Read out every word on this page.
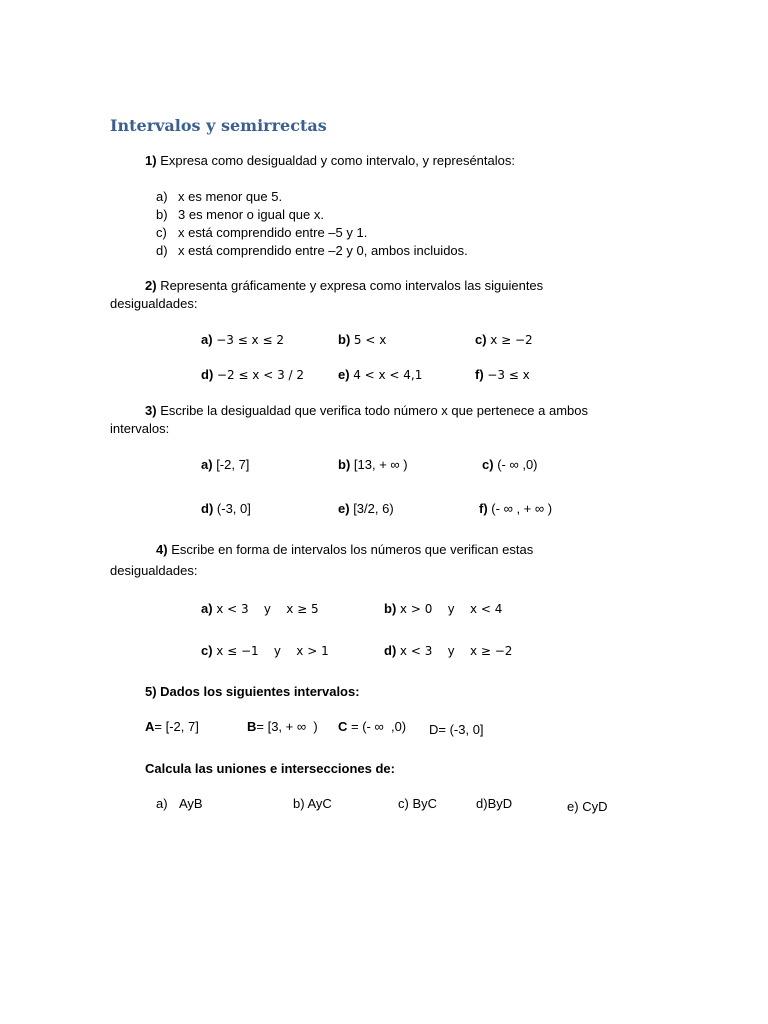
Intervalos y semirrectas
1) Expresa como desigualdad y como intervalo, y represéntalos:
a) x es menor que 5.
b) 3 es menor o igual que x.
c) x está comprendido entre –5 y 1.
d) x está comprendido entre –2 y 0, ambos incluidos.
2) Representa gráficamente y expresa como intervalos las siguientes
desigualdades:
a) −3 ≤ x ≤ 2	b) 5 < x	c) x ≥ −2
d) −2 ≤ x < 3 / 2	e) 4 < x < 4,1	f) −3 ≤ x
3) Escribe la desigualdad que verifica todo número x que pertenece a ambos
intervalos:
a) [-2, 7]	b) [13, + ∞ )	c) (- ∞ ,0)
d) (-3, 0]	e) [3/2, 6)	f) (- ∞ , + ∞ )
4) Escribe en forma de intervalos los números que verifican estas
desigualdades:
a) x < 3    y    x ≥ 5	b) x > 0    y    x < 4
c) x ≤ −1    y    x > 1	d) x < 3    y    x ≥ −2
5) Dados los siguientes intervalos:
A= [-2, 7]	B= [3, + ∞  ) C = (- ∞  ,0) D= (-3, 0]
Calcula las uniones e intersecciones de:
a) AyB	b) AyC	c) ByC	d)ByD	e) CyD
